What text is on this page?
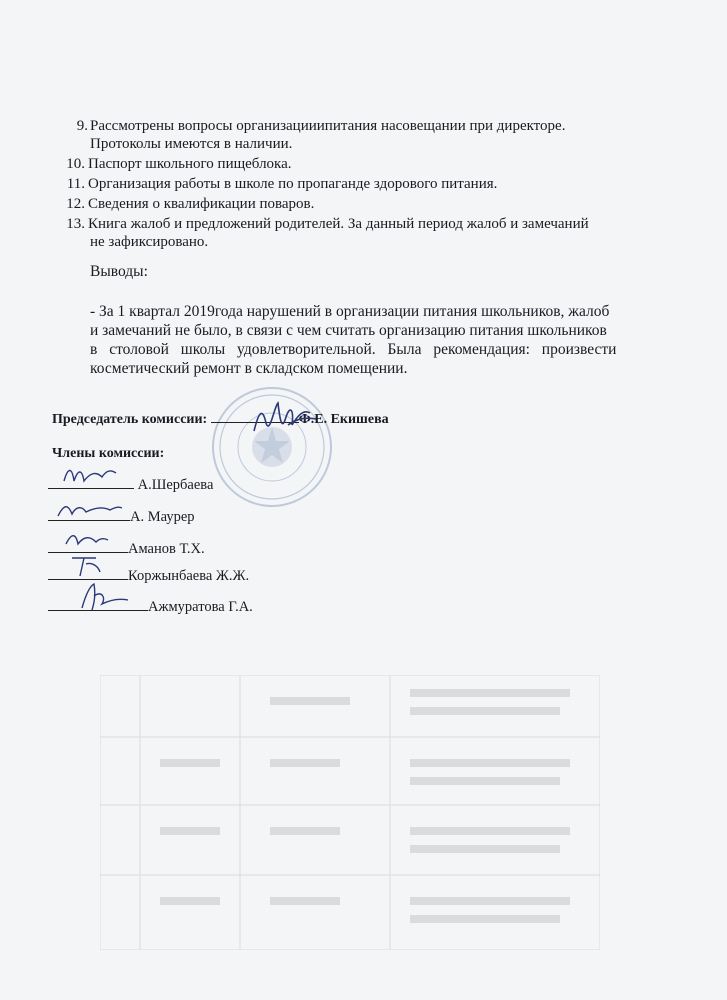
9. Рассмотрены вопросы организацииипитания насовещании при директоре.
Протоколы имеются в наличии.
10. Паспорт школьного пищеблока.
11. Организация работы в школе по пропаганде здорового питания.
12. Сведения о квалификации поваров.
13. Книга жалоб и предложений родителей. За данный период жалоб и замечаний
не зафиксировано.
Выводы:
- За 1 квартал 2019года нарушений в организации питания школьников, жалоб
и замечаний не было, в связи с чем считать организацию питания школьников
в столовой школы удовлетворительной. Была рекомендация: произвести
косметический ремонт в складском помещении.
Председатель комиссии:	Ф.Е. Екишева
Члены комиссии:
А.Шербаева
А. Маурер
Аманов Т.Х.
Коржынбаева Ж.Ж.
Ажмуратова Г.А.
